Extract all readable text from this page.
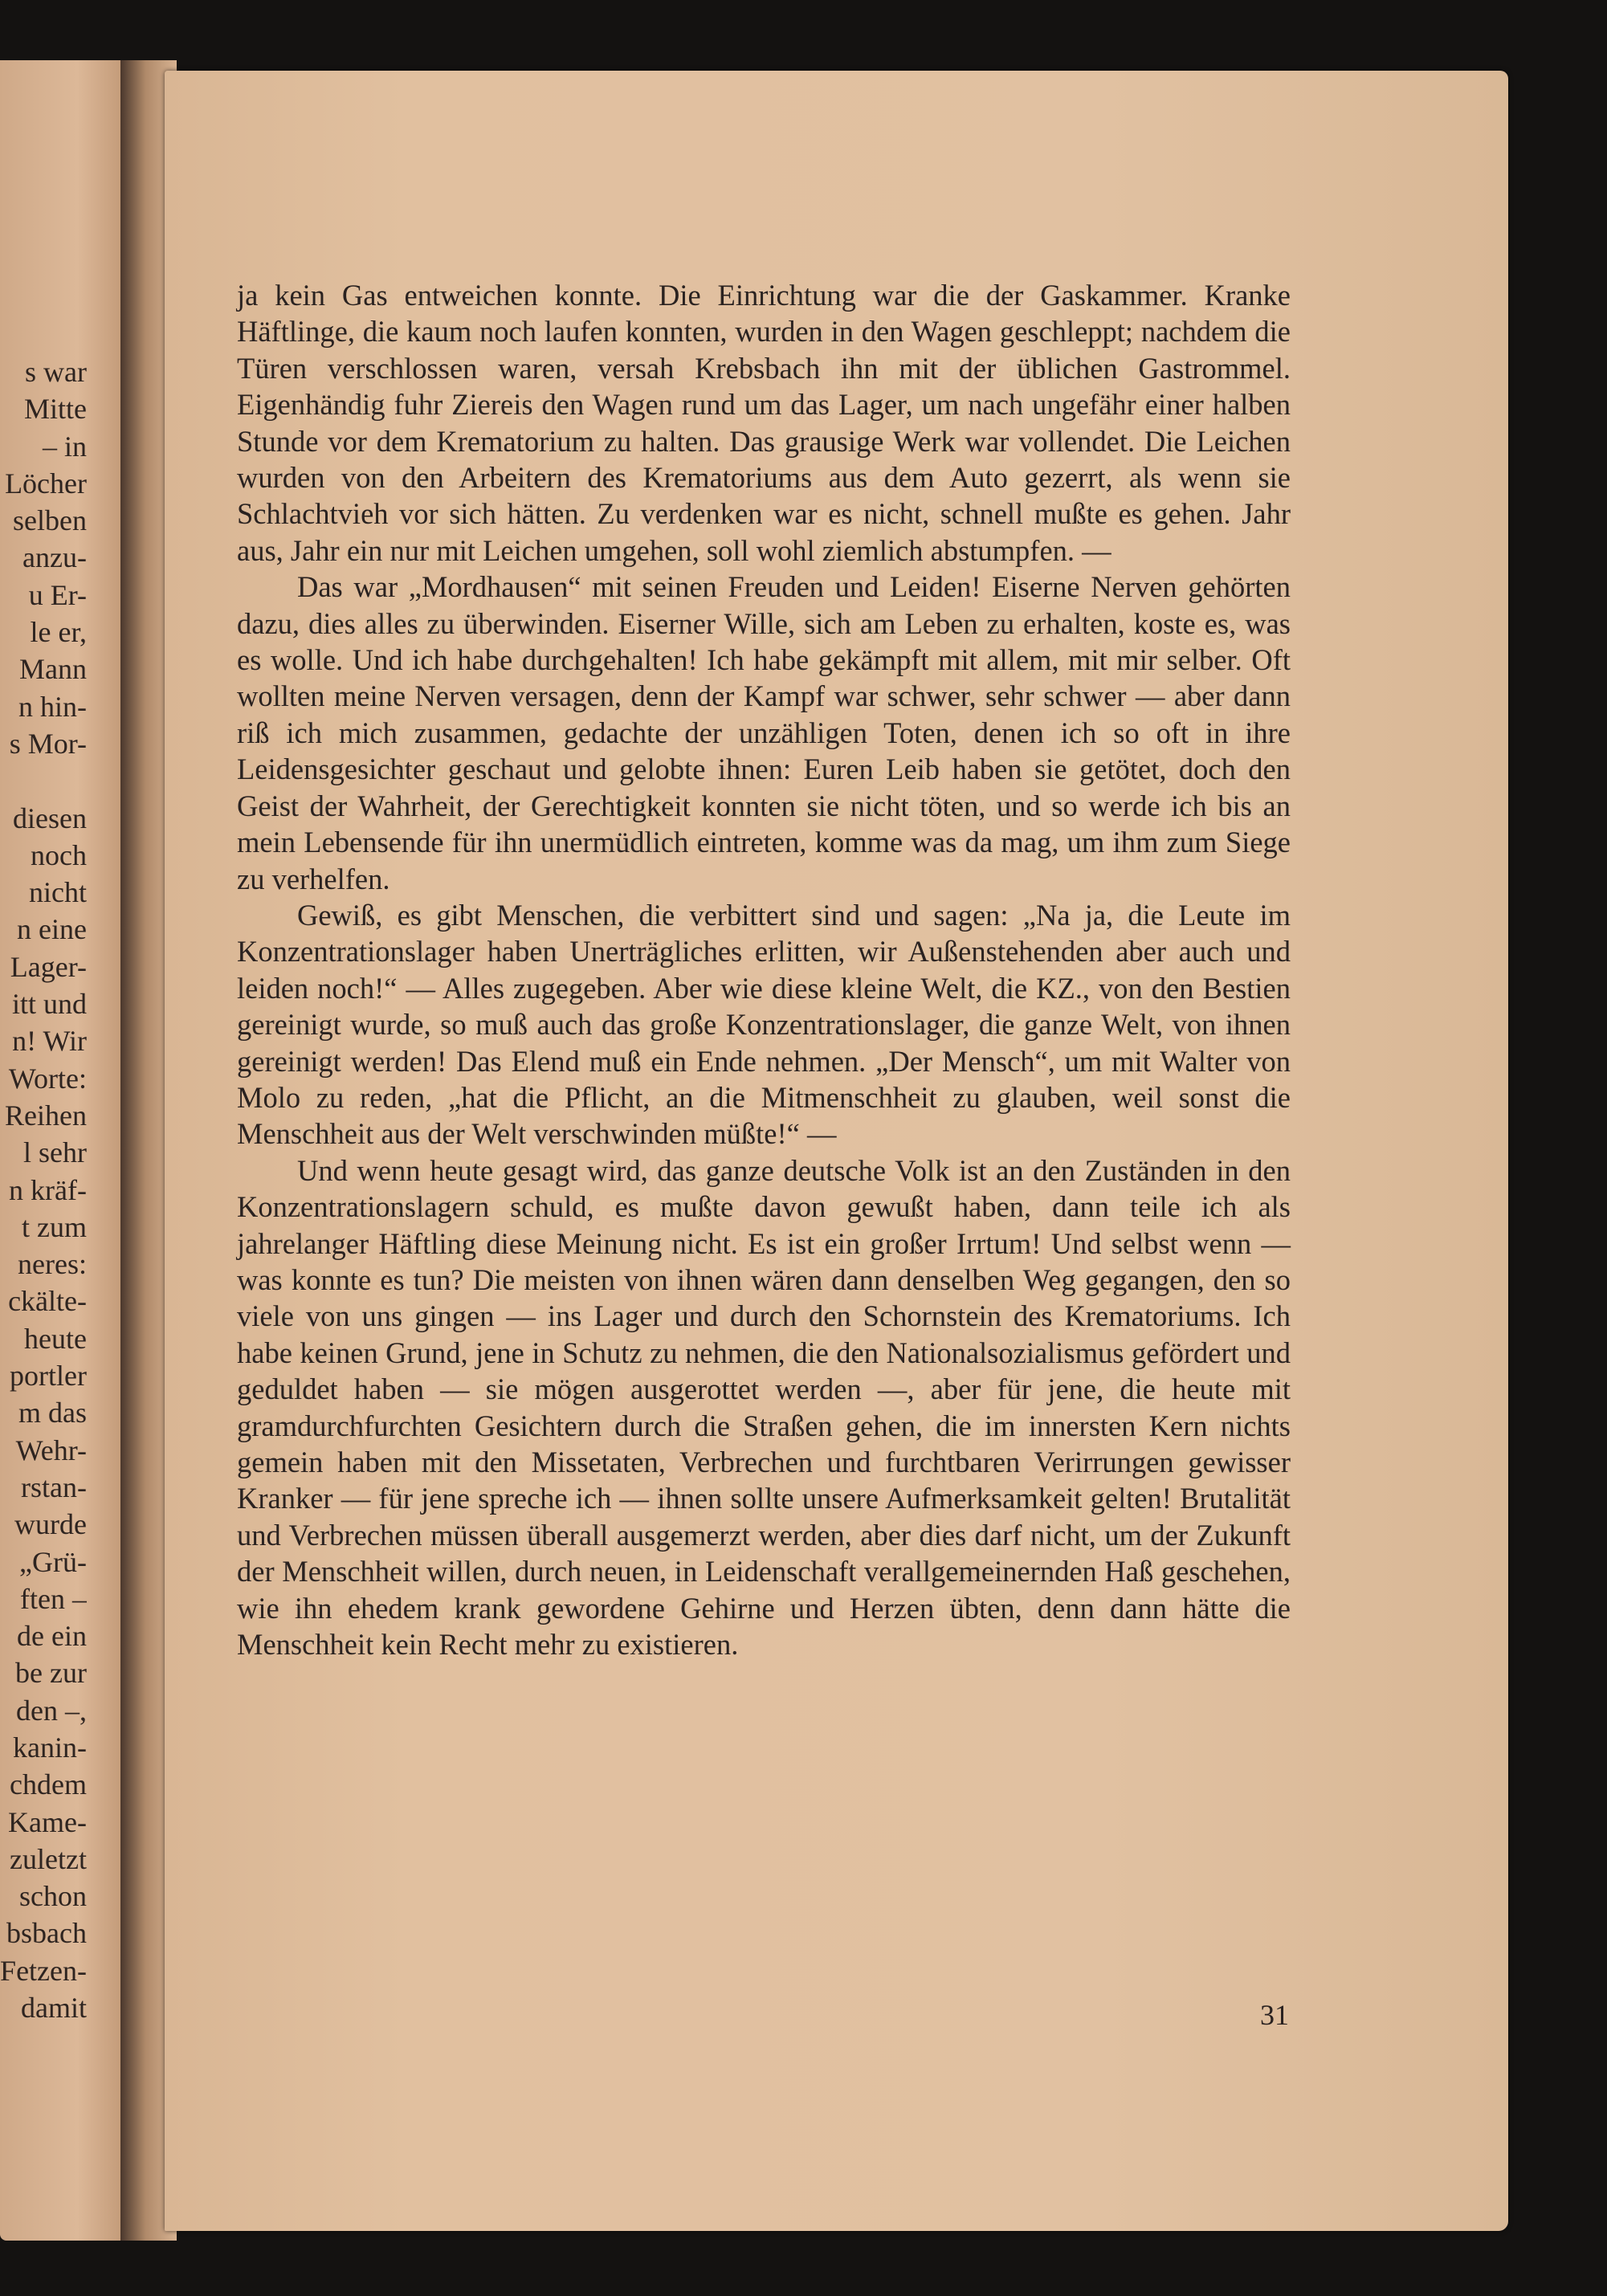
s war
Mitte
– in
Löcher
selben
anzu-
u Er-
le er,
Mann
n hin-
s Mor-
diesen
noch
nicht
n eine
Lager-
itt und
n! Wir
Worte:
Reihen
l sehr
n kräf-
t zum
neres:
ckälte-
heute
portler
m das
Wehr-
rstan-
wurde
„Grü-
ften –
de ein
be zur
den –,
kanin-
chdem
Kame-
zuletzt
schon
bsbach
Fetzen-
damit

ja kein Gas entweichen konnte. Die Einrichtung war die der Gaskammer. Kranke Häftlinge, die kaum noch laufen konnten, wurden in den Wagen geschleppt; nachdem die Türen verschlossen waren, versah Krebsbach ihn mit der üblichen Gastrommel. Eigenhändig fuhr Ziereis den Wagen rund um das Lager, um nach ungefähr einer halben Stunde vor dem Krematorium zu halten. Das grausige Werk war vollendet. Die Leichen wurden von den Arbeitern des Krematoriums aus dem Auto gezerrt, als wenn sie Schlachtvieh vor sich hätten. Zu verdenken war es nicht, schnell mußte es gehen. Jahr aus, Jahr ein nur mit Leichen umgehen, soll wohl ziemlich abstumpfen. —

Das war „Mordhausen“ mit seinen Freuden und Leiden! Eiserne Nerven gehörten dazu, dies alles zu überwinden. Eiserner Wille, sich am Leben zu erhalten, koste es, was es wolle. Und ich habe durchgehalten! Ich habe gekämpft mit allem, mit mir selber. Oft wollten meine Nerven versagen, denn der Kampf war schwer, sehr schwer — aber dann riß ich mich zusammen, gedachte der unzähligen Toten, denen ich so oft in ihre Leidensgesichter geschaut und gelobte ihnen: Euren Leib haben sie getötet, doch den Geist der Wahrheit, der Gerechtigkeit konnten sie nicht töten, und so werde ich bis an mein Lebensende für ihn unermüdlich eintreten, komme was da mag, um ihm zum Siege zu verhelfen.

Gewiß, es gibt Menschen, die verbittert sind und sagen: „Na ja, die Leute im Konzentrationslager haben Unerträgliches erlitten, wir Außenstehenden aber auch und leiden noch!“ — Alles zugegeben. Aber wie diese kleine Welt, die KZ., von den Bestien gereinigt wurde, so muß auch das große Konzentrationslager, die ganze Welt, von ihnen gereinigt werden! Das Elend muß ein Ende nehmen. „Der Mensch“, um mit Walter von Molo zu reden, „hat die Pflicht, an die Mitmenschheit zu glauben, weil sonst die Menschheit aus der Welt verschwinden müßte!“ —

Und wenn heute gesagt wird, das ganze deutsche Volk ist an den Zuständen in den Konzentrationslagern schuld, es mußte davon gewußt haben, dann teile ich als jahrelanger Häftling diese Meinung nicht. Es ist ein großer Irrtum! Und selbst wenn — was konnte es tun? Die meisten von ihnen wären dann denselben Weg gegangen, den so viele von uns gingen — ins Lager und durch den Schornstein des Krematoriums. Ich habe keinen Grund, jene in Schutz zu nehmen, die den Nationalsozialismus gefördert und geduldet haben — sie mögen ausgerottet werden —, aber für jene, die heute mit gramdurchfurchten Gesichtern durch die Straßen gehen, die im innersten Kern nichts gemein haben mit den Missetaten, Verbrechen und furchtbaren Verirrungen gewisser Kranker — für jene spreche ich — ihnen sollte unsere Aufmerksamkeit gelten! Brutalität und Verbrechen müssen überall ausgemerzt werden, aber dies darf nicht, um der Zukunft der Menschheit willen, durch neuen, in Leidenschaft verallgemeinernden Haß geschehen, wie ihn ehedem krank gewordene Gehirne und Herzen übten, denn dann hätte die Menschheit kein Recht mehr zu existieren.

31
